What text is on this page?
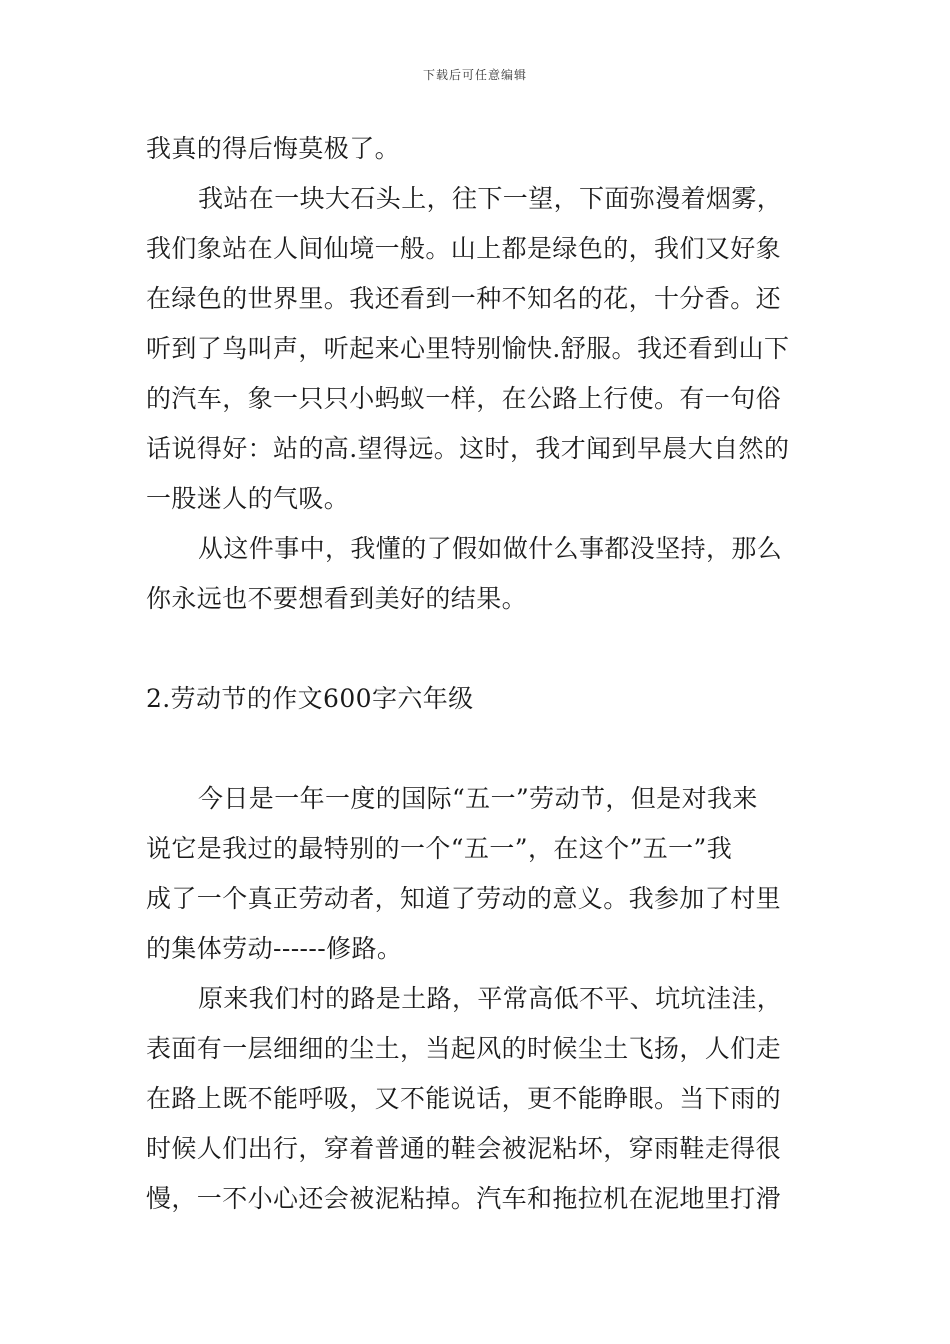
下载后可任意编辑
我真的得后悔莫极了。
我站在一块大石头上，往下一望，下面弥漫着烟雾，
我们象站在人间仙境一般。山上都是绿色的，我们又好象
在绿色的世界里。我还看到一种不知名的花，十分香。还
听到了鸟叫声，听起来心里特别愉快.舒服。我还看到山下
的汽车，象一只只小蚂蚁一样，在公路上行使。有一句俗
话说得好：站的高.望得远。这时，我才闻到早晨大自然的
一股迷人的气吸。
从这件事中，我懂的了假如做什么事都没坚持，那么
你永远也不要想看到美好的结果。
2.劳动节的作文600字六年级
今日是一年一度的国际“五一”劳动节，但是对我来
说它是我过的最特别的一个“五一”，在这个”五一”我
成了一个真正劳动者，知道了劳动的意义。我参加了村里
的集体劳动------修路。
原来我们村的路是土路，平常高低不平、坑坑洼洼，
表面有一层细细的尘土，当起风的时候尘土飞扬，人们走
在路上既不能呼吸，又不能说话，更不能睁眼。当下雨的
时候人们出行，穿着普通的鞋会被泥粘坏，穿雨鞋走得很
慢，一不小心还会被泥粘掉。汽车和拖拉机在泥地里打滑
